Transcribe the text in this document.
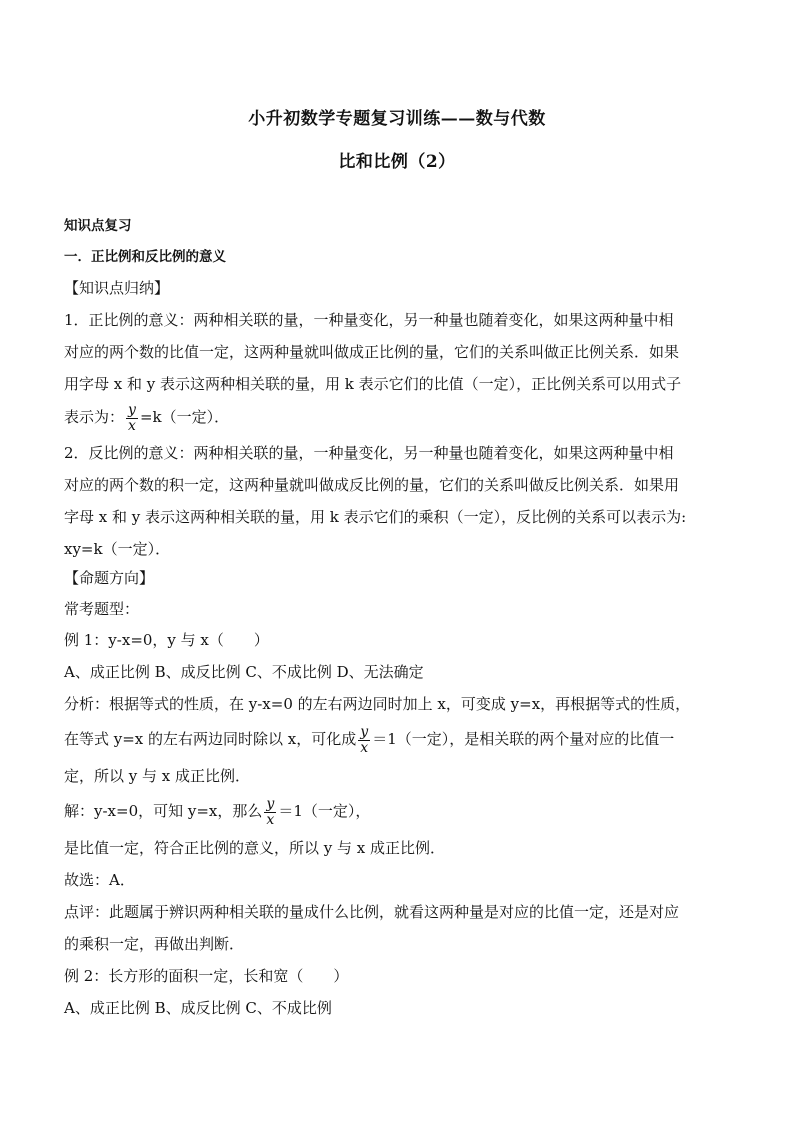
小升初数学专题复习训练——数与代数
比和比例（2）
知识点复习
一．正比例和反比例的意义
【知识点归纳】
1．正比例的意义：两种相关联的量，一种量变化，另一种量也随着变化，如果这两种量中相
对应的两个数的比值一定，这两种量就叫做成正比例的量，它们的关系叫做正比例关系．如果
用字母 x 和 y 表示这两种相关联的量，用 k 表示它们的比值（一定），正比例关系可以用式子
表示为： $\frac{y}{x} =k$（一定）．
2．反比例的意义：两种相关联的量，一种量变化，另一种量也随着变化，如果这两种量中相
对应的两个数的积一定，这两种量就叫做成反比例的量，它们的关系叫做反比例关系．如果用
字母 x 和 y 表示这两种相关联的量，用 k 表示它们的乘积（一定），反比例的关系可以表示为:
xy=k（一定）．
【命题方向】
常考题型：
例 1：y-x=0，y 与 x（　　）
A、成正比例 B、成反比例 C、不成比例 D、无法确定
分析：根据等式的性质，在 y-x=0 的左右两边同时加上 x，可变成 y=x，再根据等式的性质，
在等式 y=x 的左右两边同时除以 x，可化成 $\frac{y}{x} =1$（一定），是相关联的两个量对应的比值一
定，所以 y 与 x 成正比例．
解：y-x=0，可知 y=x，那么 $\frac{y}{x} =1$（一定），
是比值一定，符合正比例的意义，所以 y 与 x 成正比例．
故选：A．
点评：此题属于辨识两种相关联的量成什么比例，就看这两种量是对应的比值一定，还是对应
的乘积一定，再做出判断．
例 2：长方形的面积一定，长和宽（　　）
A、成正比例 B、成反比例 C、不成比例
